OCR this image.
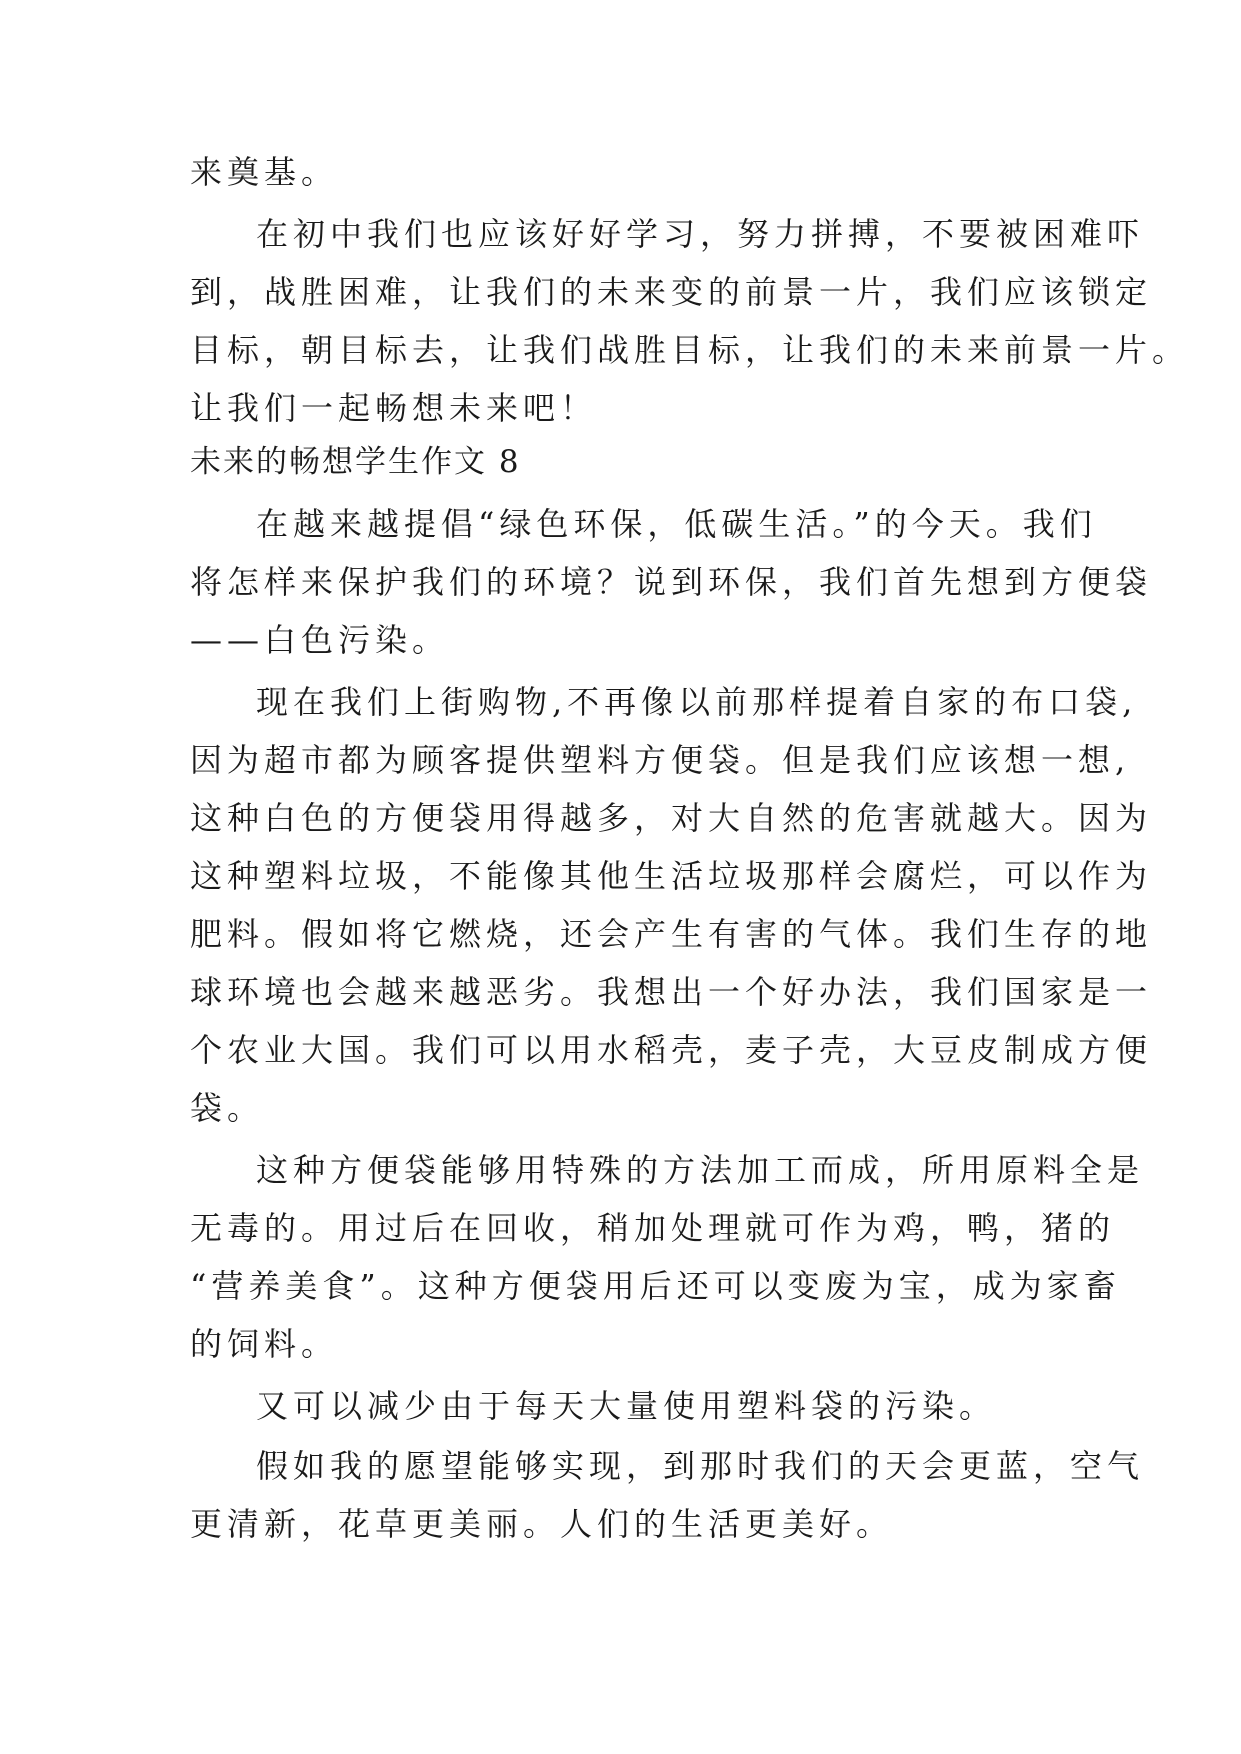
来奠基。
在初中我们也应该好好学习，努力拼搏，不要被困难吓
到，战胜困难，让我们的未来变的前景一片，我们应该锁定
目标，朝目标去，让我们战胜目标，让我们的未来前景一片。
让我们一起畅想未来吧！
未来的畅想学生作文 8
在越来越提倡“绿色环保，低碳生活。”的今天。我们
将怎样来保护我们的环境？说到环保，我们首先想到方便袋
——白色污染。
现在我们上街购物,不再像以前那样提着自家的布口袋,
因为超市都为顾客提供塑料方便袋。但是我们应该想一想,
这种白色的方便袋用得越多，对大自然的危害就越大。因为
这种塑料垃圾，不能像其他生活垃圾那样会腐烂，可以作为
肥料。假如将它燃烧，还会产生有害的气体。我们生存的地
球环境也会越来越恶劣。我想出一个好办法，我们国家是一
个农业大国。我们可以用水稻壳，麦子壳，大豆皮制成方便
袋。
这种方便袋能够用特殊的方法加工而成，所用原料全是
无毒的。用过后在回收，稍加处理就可作为鸡，鸭，猪的
“营养美食”。这种方便袋用后还可以变废为宝，成为家畜
的饲料。
又可以减少由于每天大量使用塑料袋的污染。
假如我的愿望能够实现，到那时我们的天会更蓝，空气
更清新，花草更美丽。人们的生活更美好。
